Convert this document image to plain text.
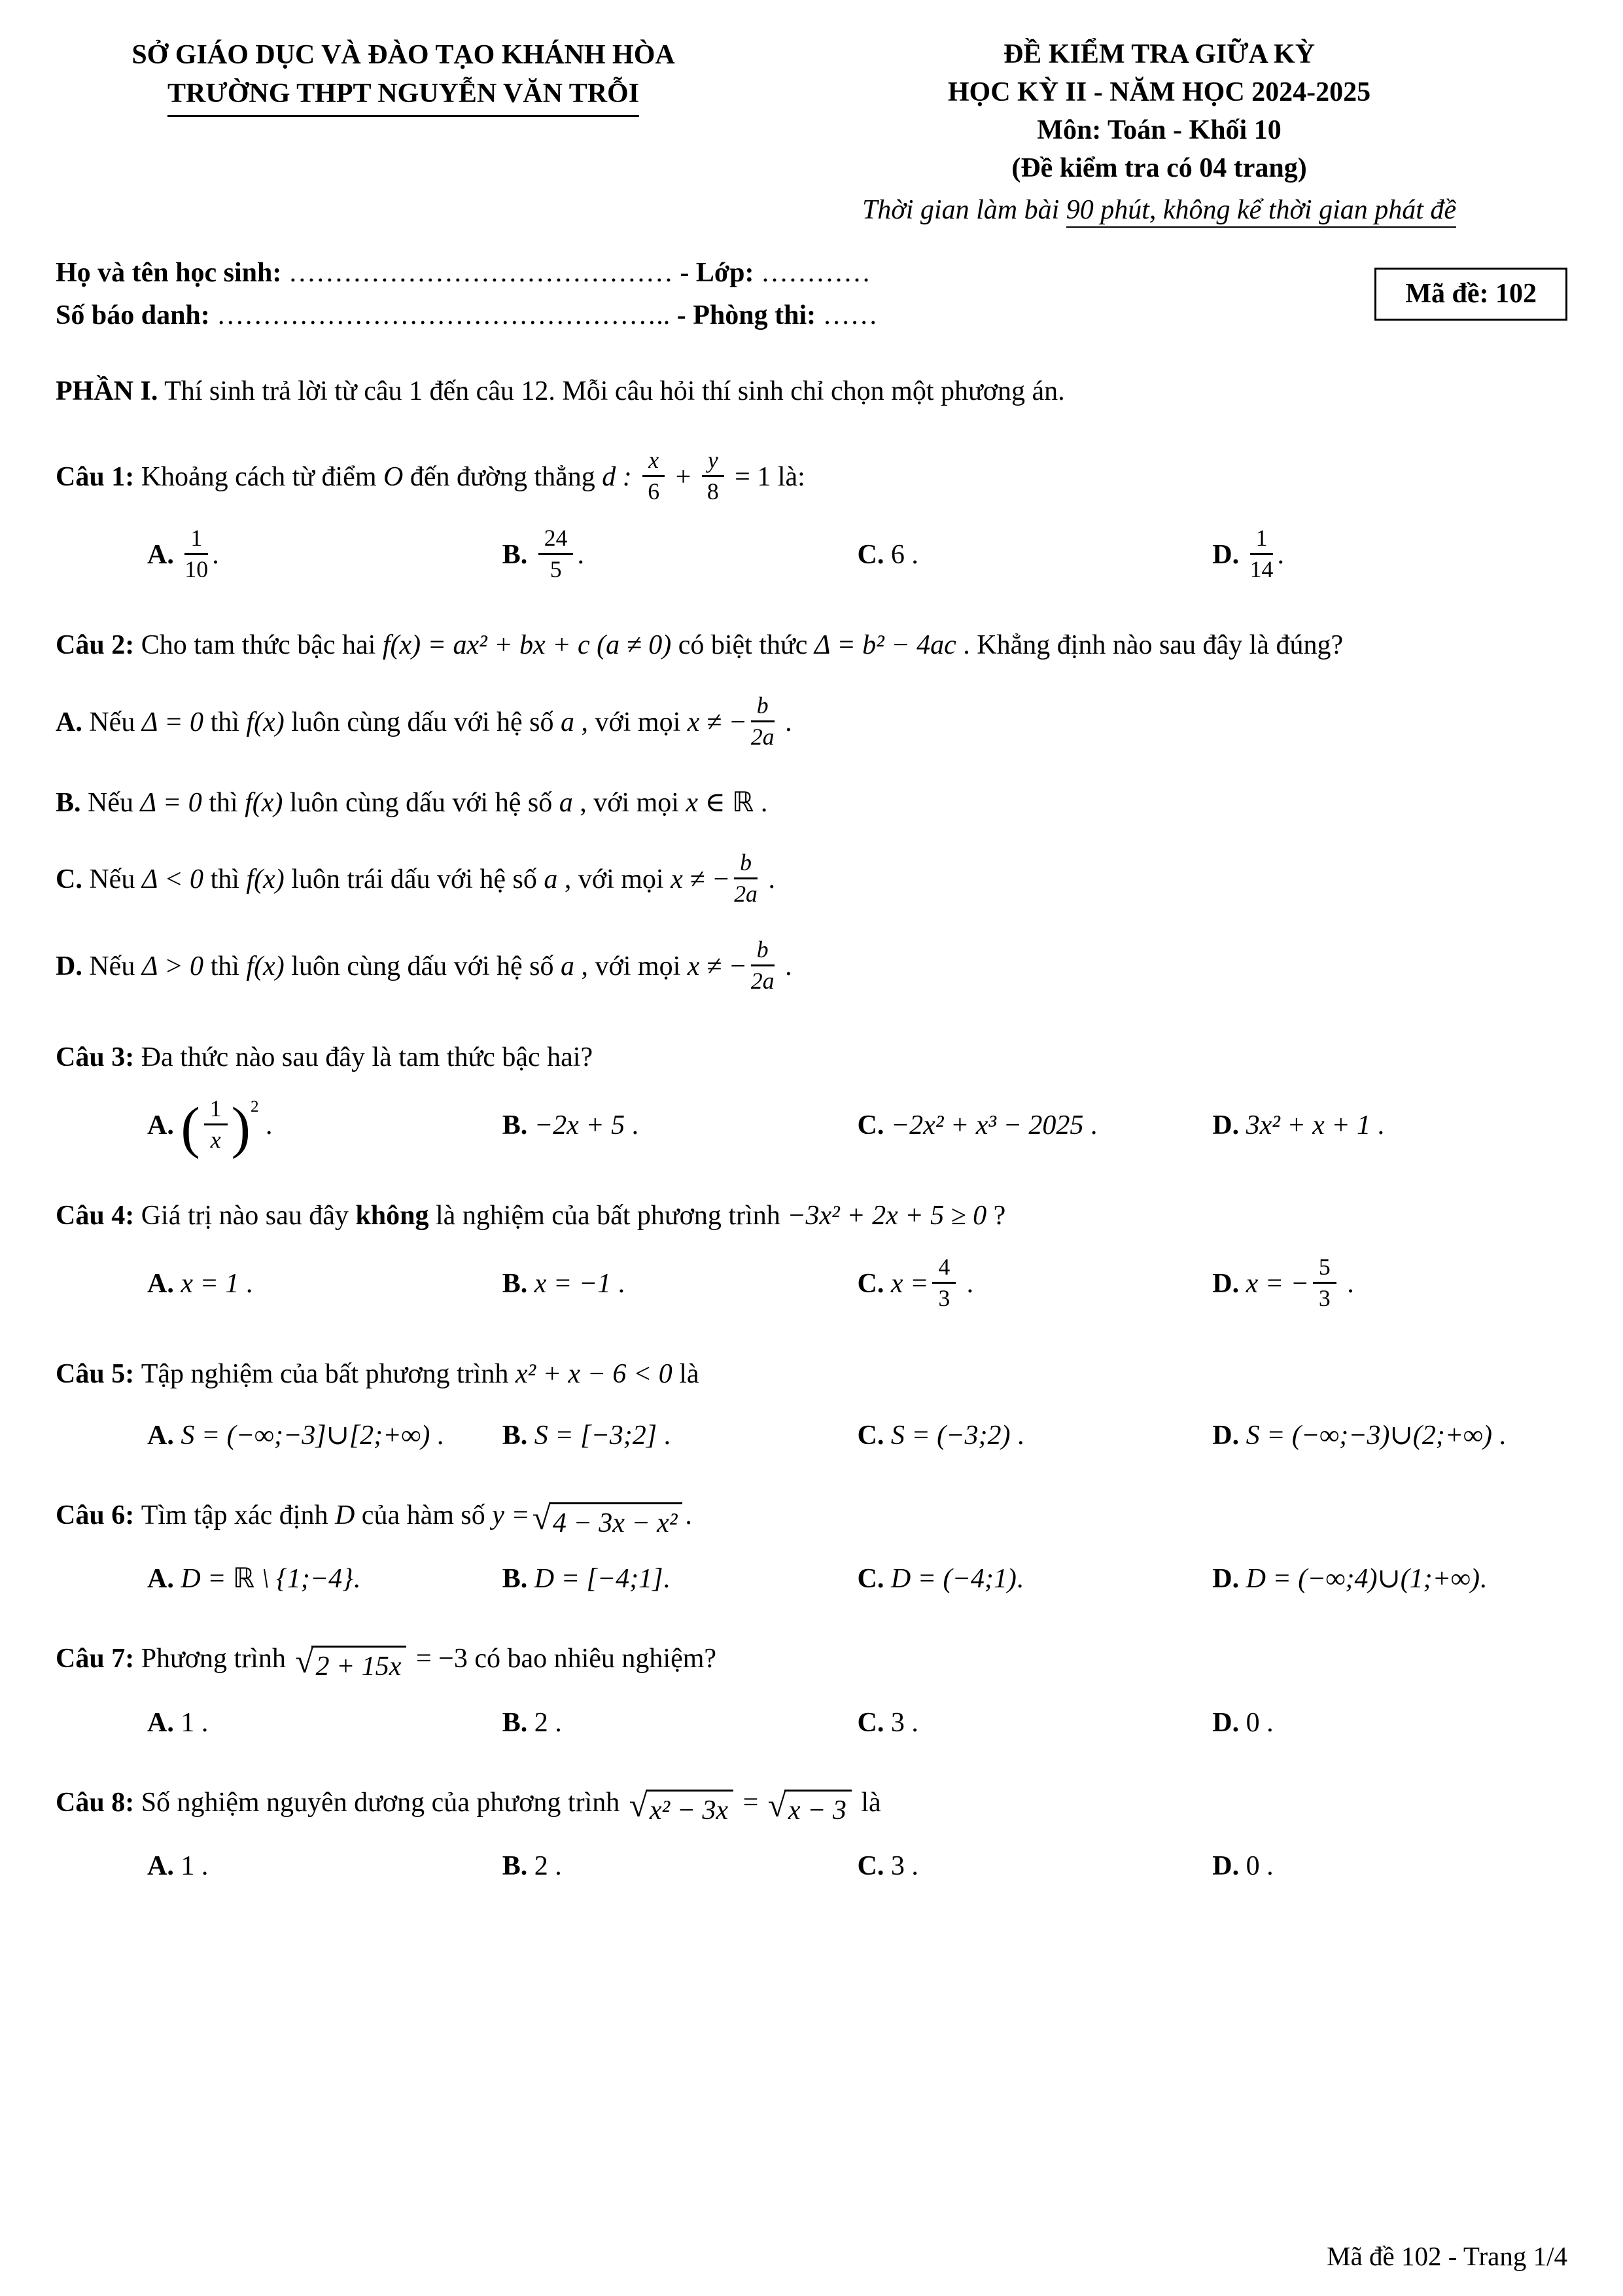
SỞ GIÁO DỤC VÀ ĐÀO TẠO KHÁNH HÒA
TRƯỜNG THPT NGUYỄN VĂN TRỖI
ĐỀ KIỂM TRA GIỮA KỲ
HỌC KỲ II - NĂM HỌC 2024-2025
Môn: Toán - Khối 10
(Đề kiểm tra có 04 trang)
Thời gian làm bài 90 phút, không kể thời gian phát đề
Họ và tên học sinh: …………………………………… - Lớp: …………
Số báo danh: ………………………………………….. - Phòng thi: ……
Mã đề: 102

PHẦN I. Thí sinh trả lời từ câu 1 đến câu 12. Mỗi câu hỏi thí sinh chỉ chọn một phương án.

Câu 1: Khoảng cách từ điểm O đến đường thẳng d : $\frac{x}{6} + \frac{y}{8} = 1$ là:

A. $\frac{1}{10}$ .	B. $\frac{24}{5}$ .	C. 6 .	D. $\frac{1}{14}$ .

Câu 2: Cho tam thức bậc hai f(x) = ax² + bx + c (a ≠ 0) có biệt thức Δ = b² − 4ac . Khẳng định nào sau đây là đúng?

A. Nếu Δ = 0 thì f(x) luôn cùng dấu với hệ số a , với mọi x ≠ − $\frac{b}{2a}$ .
B. Nếu Δ = 0 thì f(x) luôn cùng dấu với hệ số a , với mọi x ∈ ℝ .
C. Nếu Δ < 0 thì f(x) luôn trái dấu với hệ số a , với mọi x ≠ − $\frac{b}{2a}$ .
D. Nếu Δ > 0 thì f(x) luôn cùng dấu với hệ số a , với mọi x ≠ − $\frac{b}{2a}$ .

Câu 3: Đa thức nào sau đây là tam thức bậc hai?

A. ( $\frac{1}{x} )^2$ .	B. −2x + 5 .	C. −2x² + x³ − 2025 .	D. 3x² + x + 1 .

Câu 4: Giá trị nào sau đây không là nghiệm của bất phương trình −3x² + 2x + 5 ≥ 0 ?

A. x = 1 .	B. x = −1 .	C. $x = \frac{4}{3}$ .	D. x = − $\frac{5}{3}$ .

Câu 5: Tập nghiệm của bất phương trình x² + x − 6 < 0 là

A. S = (−∞;−3]∪[2;+∞) .	B. S = [−3;2] .	C. S = (−3;2) .	D. S = (−∞;−3)∪(2;+∞) .

Câu 6: Tìm tập xác định D của hàm số y = √ 4 − 3x − x² .

A. D = ℝ \ {1;−4}.	B. D = [−4;1].	C. D = (−4;1).	D. D = (−∞;4)∪(1;+∞).

Câu 7: Phương trình √ 2 + 15x = −3 có bao nhiêu nghiệm?

A. 1 .	B. 2 .	C. 3 .	D. 0 .

Câu 8: Số nghiệm nguyên dương của phương trình √ x² − 3x = √ x − 3 là

A. 1 .	B. 2 .	C. 3 .	D. 0 .
Mã đề 102 - Trang 1/4
